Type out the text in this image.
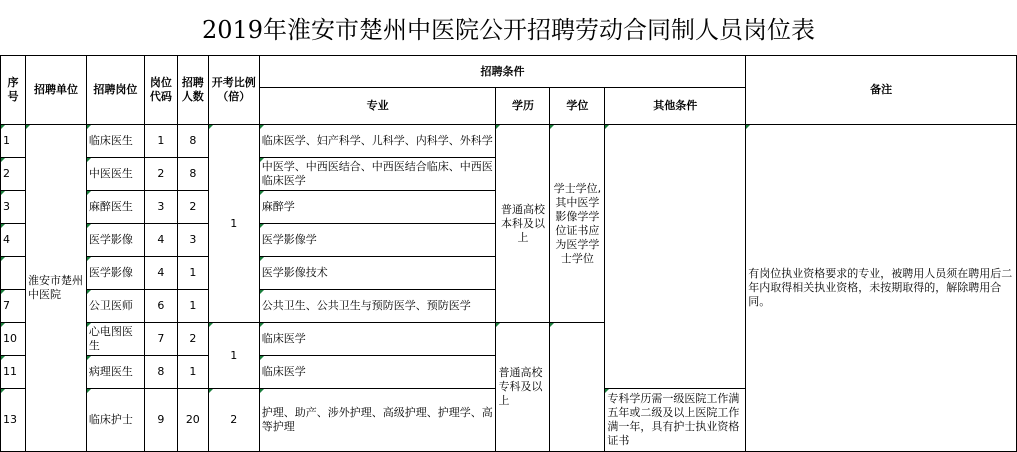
2019年淮安市楚州中医院公开招聘劳动合同制人员岗位表
序号	招聘单位	招聘岗位	岗位代码	招聘人数	开考比例（倍）	招聘条件				备注
						专业	学历	学位	其他条件	
1	淮安市楚州中医院	临床医生	1	8	1	临床医学、妇产科学、儿科学、内科学、外科学	普通高校本科及以上	学士学位,其中医学影像学学位证书应为医学学士学位		有岗位执业资格要求的专业，被聘用人员须在聘用后二年内取得相关执业资格，未按期取得的，解除聘用合同。
2		中医医生	2	8		中医学、中西医结合、中西医结合临床、中西医临床医学				
3		麻醉医生	3	2		麻醉学				
4		医学影像	4	3		医学影像学				
		医学影像	4	1		医学影像技术				
7		公卫医师	6	1		公共卫生、公共卫生与预防医学、预防医学				
10		心电图医生	7	2	1	临床医学	普通高校专科及以上			
11		病理医生	8	1		临床医学				
13		临床护士	9	20	2	护理、助产、涉外护理、高级护理、护理学、高等护理			专科学历需一级医院工作满五年或二级及以上医院工作满一年，具有护士执业资格证书	
